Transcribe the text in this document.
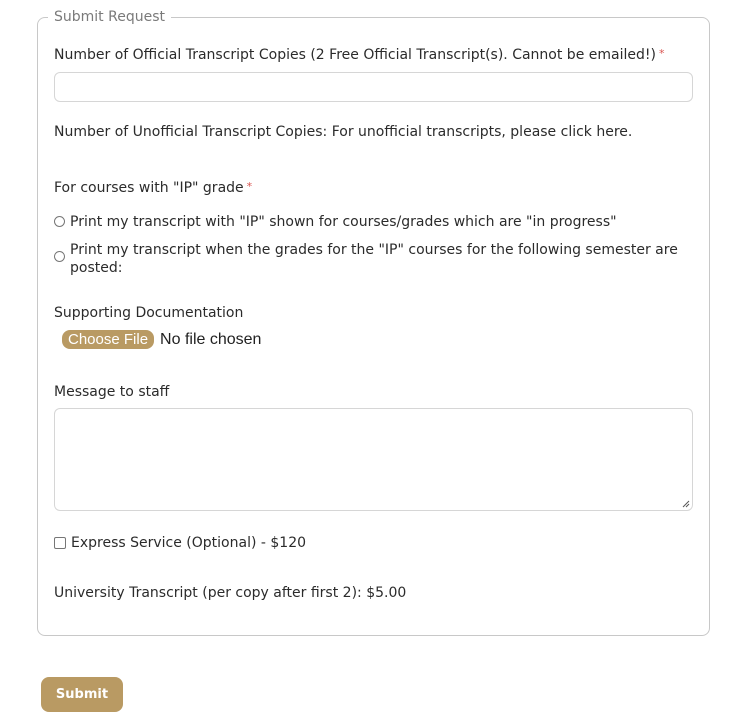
Submit Request
Number of Official Transcript Copies (2 Free Official Transcript(s). Cannot be emailed!) *
Number of Unofficial Transcript Copies: For unofficial transcripts, please click here.
For courses with "IP" grade *
Print my transcript with "IP" shown for courses/grades which are "in progress"
Print my transcript when the grades for the "IP" courses for the following semester are posted:
Supporting Documentation
Choose File No file chosen
Message to staff
Express Service (Optional) - $120
University Transcript (per copy after first 2): $5.00
Submit
